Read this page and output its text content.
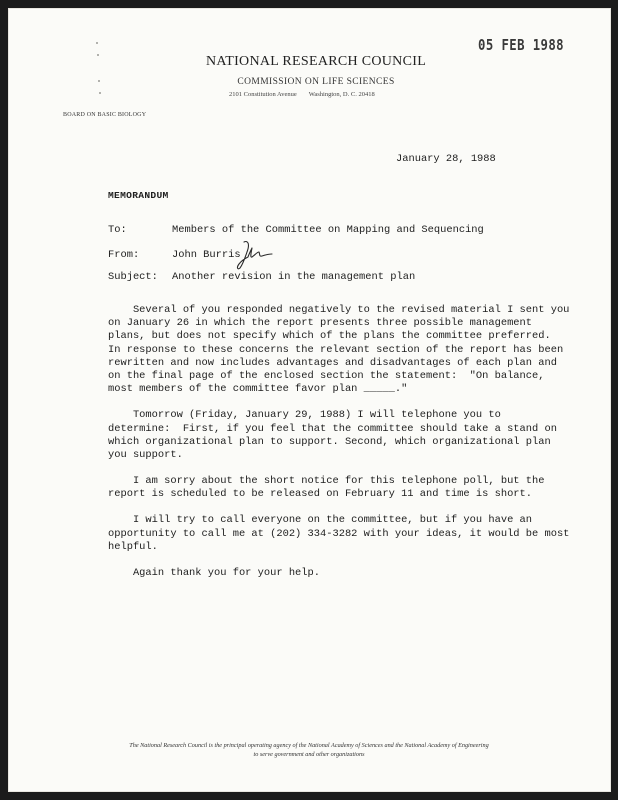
05 FEB 1988
NATIONAL RESEARCH COUNCIL
COMMISSION ON LIFE SCIENCES
2101 Constitution Avenue Washington, D. C. 20418
BOARD ON BASIC BIOLOGY
January 28, 1988
MEMORANDUM
To:	Members of the Committee on Mapping and Sequencing
From:	John Burris
Subject: Another revision in the management plan
Several of you responded negatively to the revised material I sent you
on January 26 in which the report presents three possible management
plans, but does not specify which of the plans the committee preferred.
In response to these concerns the relevant section of the report has been
rewritten and now includes advantages and disadvantages of each plan and
on the final page of the enclosed section the statement:  "On balance,
most members of the committee favor plan _____."
Tomorrow (Friday, January 29, 1988) I will telephone you to
determine:  First, if you feel that the committee should take a stand on
which organizational plan to support. Second, which organizational plan
you support.
I am sorry about the short notice for this telephone poll, but the
report is scheduled to be released on February 11 and time is short.
I will try to call everyone on the committee, but if you have an
opportunity to call me at (202) 334-3282 with your ideas, it would be most
helpful.
Again thank you for your help.
The National Research Council is the principal operating agency of the National Academy of Sciences and the National Academy of Engineering
to serve government and other organizations
